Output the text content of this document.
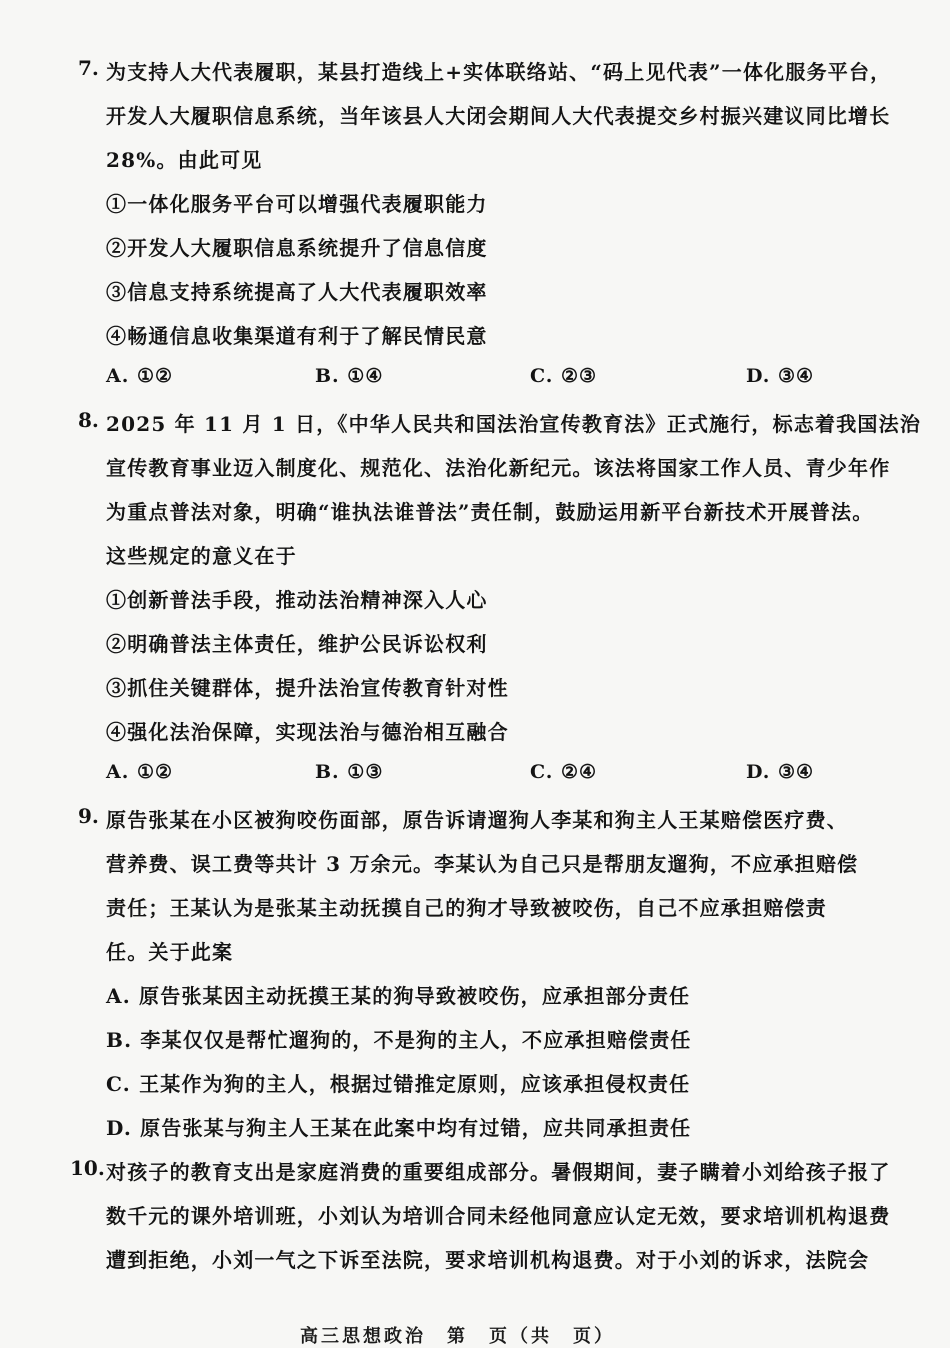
7. 为支持人大代表履职，某县打造线上+实体联络站、“码上见代表”一体化服务平台，
开发人大履职信息系统，当年该县人大闭会期间人大代表提交乡村振兴建议同比增长
28%。由此可见
①一体化服务平台可以增强代表履职能力
②开发人大履职信息系统提升了信息信度
③信息支持系统提高了人大代表履职效率
④畅通信息收集渠道有利于了解民情民意
A. ①②	B. ①④	C. ②③	D. ③④
8. 2025 年 11 月 1 日，《中华人民共和国法治宣传教育法》正式施行，标志着我国法治
宣传教育事业迈入制度化、规范化、法治化新纪元。该法将国家工作人员、青少年作
为重点普法对象，明确“谁执法谁普法”责任制，鼓励运用新平台新技术开展普法。
这些规定的意义在于
①创新普法手段，推动法治精神深入人心
②明确普法主体责任，维护公民诉讼权利
③抓住关键群体，提升法治宣传教育针对性
④强化法治保障，实现法治与德治相互融合
A. ①②	B. ①③	C. ②④	D. ③④
9. 原告张某在小区被狗咬伤面部，原告诉请遛狗人李某和狗主人王某赔偿医疗费、
营养费、误工费等共计 3 万余元。李某认为自己只是帮朋友遛狗，不应承担赔偿
责任；王某认为是张某主动抚摸自己的狗才导致被咬伤，自己不应承担赔偿责
任。关于此案
A. 原告张某因主动抚摸王某的狗导致被咬伤，应承担部分责任
B. 李某仅仅是帮忙遛狗的，不是狗的主人，不应承担赔偿责任
C. 王某作为狗的主人，根据过错推定原则，应该承担侵权责任
D. 原告张某与狗主人王某在此案中均有过错，应共同承担责任
10. 对孩子的教育支出是家庭消费的重要组成部分。暑假期间，妻子瞒着小刘给孩子报了
数千元的课外培训班，小刘认为培训合同未经他同意应认定无效，要求培训机构退费
遭到拒绝，小刘一气之下诉至法院，要求培训机构退费。对于小刘的诉求，法院会
高三思想政治　第　页（共　页）
